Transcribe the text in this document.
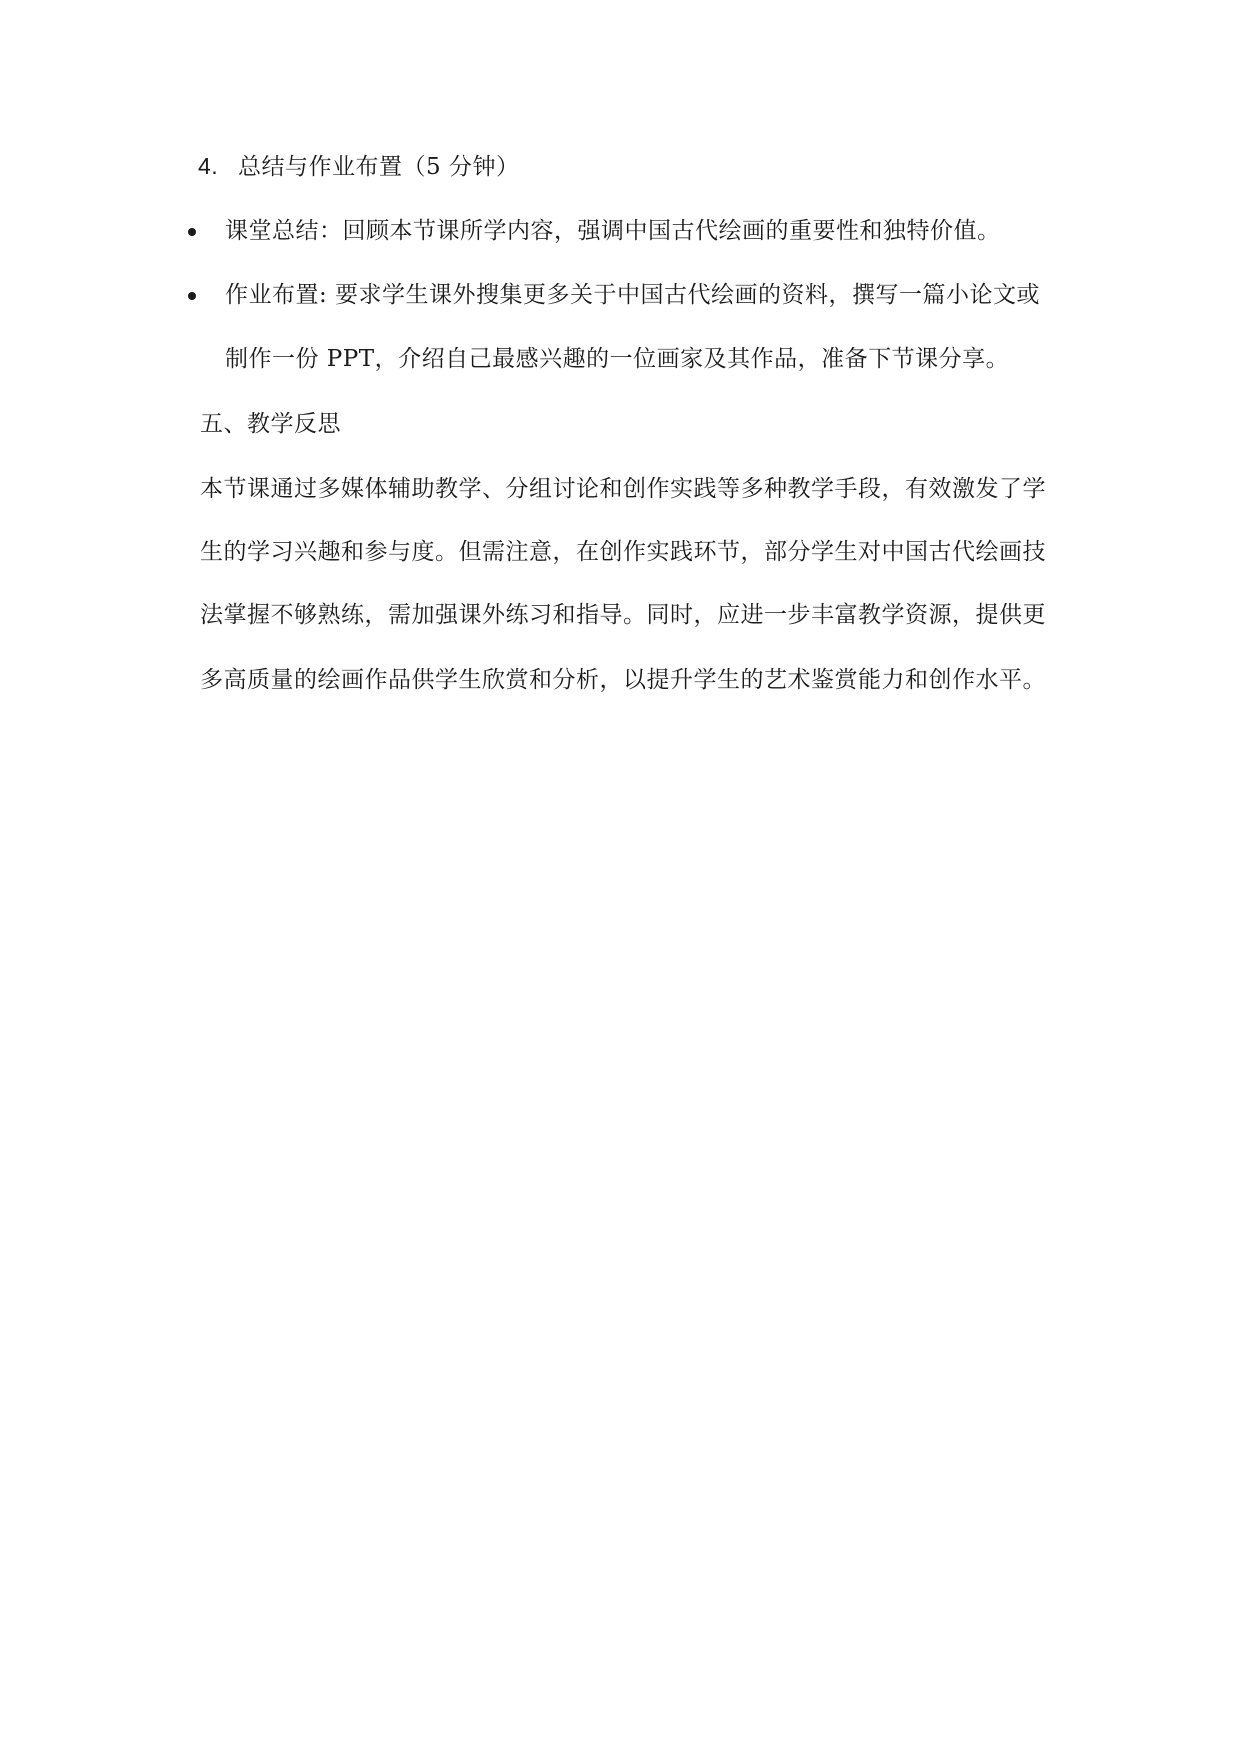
4. 总结与作业布置（5 分钟）
课堂总结：回顾本节课所学内容，强调中国古代绘画的重要性和独特价值。
作业布置: 要求学生课外搜集更多关于中国古代绘画的资料，撰写一篇小论文或
制作一份 PPT，介绍自己最感兴趣的一位画家及其作品，准备下节课分享。
五、教学反思
本节课通过多媒体辅助教学、分组讨论和创作实践等多种教学手段，有效激发了学
生的学习兴趣和参与度。但需注意，在创作实践环节，部分学生对中国古代绘画技
法掌握不够熟练，需加强课外练习和指导。同时，应进一步丰富教学资源，提供更
多高质量的绘画作品供学生欣赏和分析，以提升学生的艺术鉴赏能力和创作水平。
